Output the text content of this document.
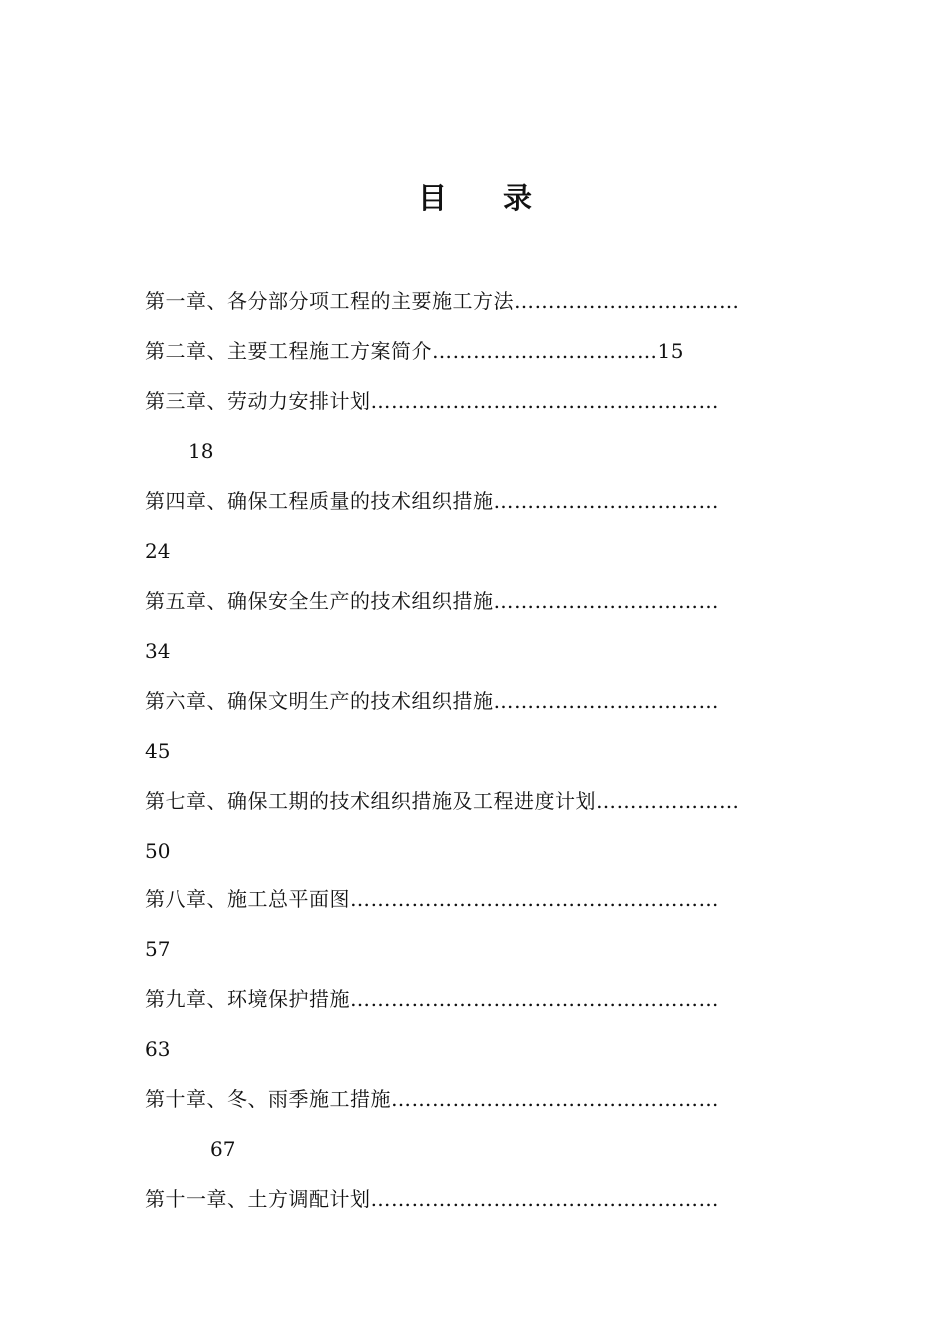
目 录
第一章、各分部分项工程的主要施工方法……………………………
第二章、主要工程施工方案简介……………………………15
第三章、劳动力安排计划……………………………………………
18
第四章、确保工程质量的技术组织措施……………………………
24
第五章、确保安全生产的技术组织措施……………………………
34
第六章、确保文明生产的技术组织措施……………………………
45
第七章、确保工期的技术组织措施及工程进度计划…………………
50
第八章、施工总平面图………………………………………………
57
第九章、环境保护措施………………………………………………
63
第十章、冬、雨季施工措施…………………………………………
67
第十一章、土方调配计划……………………………………………
